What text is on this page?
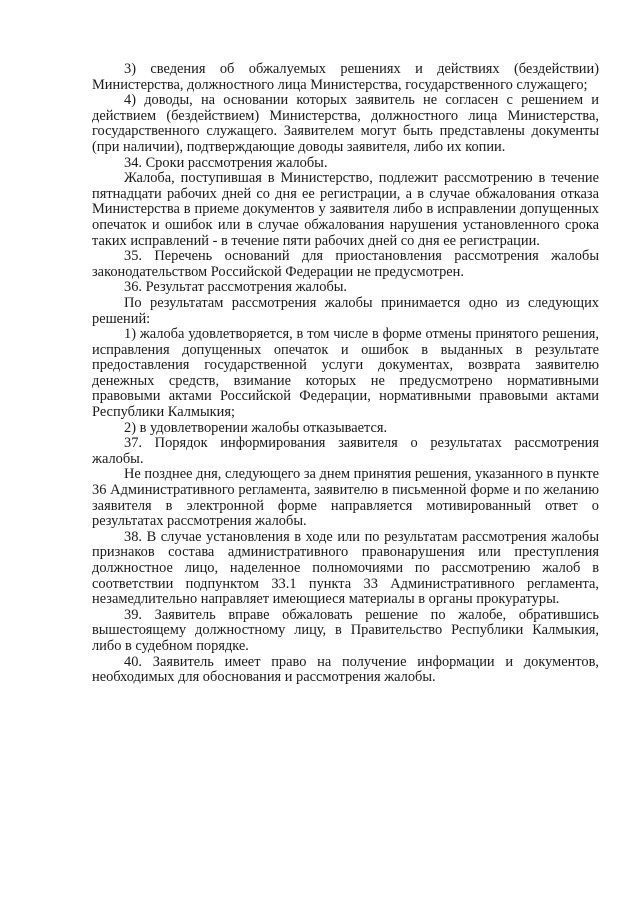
3) сведения об обжалуемых решениях и действиях (бездействии) Министерства, должностного лица Министерства, государственного служащего;

4) доводы, на основании которых заявитель не согласен с решением и действием (бездействием) Министерства, должностного лица Министерства, государственного служащего. Заявителем могут быть представлены документы (при наличии), подтверждающие доводы заявителя, либо их копии.

34. Сроки рассмотрения жалобы.

Жалоба, поступившая в Министерство, подлежит рассмотрению в течение пятнадцати рабочих дней со дня ее регистрации, а в случае обжалования отказа Министерства в приеме документов у заявителя либо в исправлении допущенных опечаток и ошибок или в случае обжалования нарушения установленного срока таких исправлений - в течение пяти рабочих дней со дня ее регистрации.

35. Перечень оснований для приостановления рассмотрения жалобы законодательством Российской Федерации не предусмотрен.

36. Результат рассмотрения жалобы.

По результатам рассмотрения жалобы принимается одно из следующих решений:

1) жалоба удовлетворяется, в том числе в форме отмены принятого решения, исправления допущенных опечаток и ошибок в выданных в результате предоставления государственной услуги документах, возврата заявителю денежных средств, взимание которых не предусмотрено нормативными правовыми актами Российской Федерации, нормативными правовыми актами Республики Калмыкия;

2) в удовлетворении жалобы отказывается.

37. Порядок информирования заявителя о результатах рассмотрения жалобы.

Не позднее дня, следующего за днем принятия решения, указанного в пункте 36 Административного регламента, заявителю в письменной форме и по желанию заявителя в электронной форме направляется мотивированный ответ о результатах рассмотрения жалобы.

38. В случае установления в ходе или по результатам рассмотрения жалобы признаков состава административного правонарушения или преступления должностное лицо, наделенное полномочиями по рассмотрению жалоб в соответствии подпунктом 33.1 пункта 33 Административного регламента, незамедлительно направляет имеющиеся материалы в органы прокуратуры.

39. Заявитель вправе обжаловать решение по жалобе, обратившись вышестоящему должностному лицу, в Правительство Республики Калмыкия, либо в судебном порядке.

40. Заявитель имеет право на получение информации и документов, необходимых для обоснования и рассмотрения жалобы.
